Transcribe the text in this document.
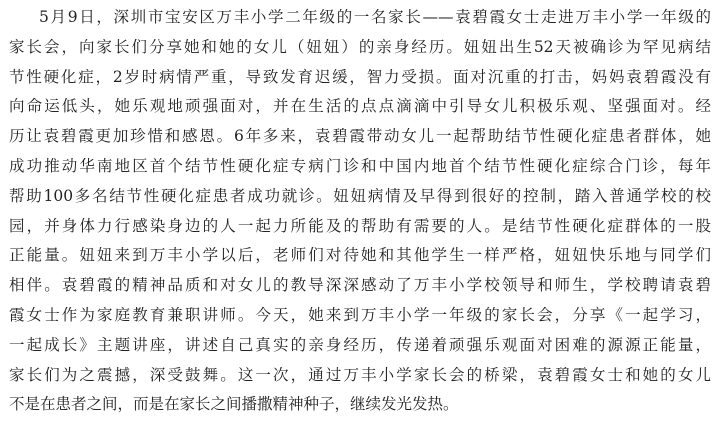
5月9日，深圳市宝安区万丰小学二年级的一名家长——袁碧霞女士走进万丰小学一年级的
家长会，向家长们分享她和她的女儿（妞妞）的亲身经历。妞妞出生52天被确诊为罕见病结
节性硬化症，2岁时病情严重，导致发育迟缓，智力受损。面对沉重的打击，妈妈袁碧霞没有
向命运低头，她乐观地顽强面对，并在生活的点点滴滴中引导女儿积极乐观、坚强面对。经
历让袁碧霞更加珍惜和感恩。6年多来，袁碧霞带动女儿一起帮助结节性硬化症患者群体，她
成功推动华南地区首个结节性硬化症专病门诊和中国内地首个结节性硬化症综合门诊，每年
帮助100多名结节性硬化症患者成功就诊。妞妞病情及早得到很好的控制，踏入普通学校的校
园，并身体力行感染身边的人一起力所能及的帮助有需要的人。是结节性硬化症群体的一股
正能量。妞妞来到万丰小学以后，老师们对待她和其他学生一样严格，妞妞快乐地与同学们
相伴。袁碧霞的精神品质和对女儿的教导深深感动了万丰小学校领导和师生，学校聘请袁碧
霞女士作为家庭教育兼职讲师。今天，她来到万丰小学一年级的家长会，分享《一起学习，
一起成长》主题讲座，讲述自己真实的亲身经历，传递着顽强乐观面对困难的源源正能量，
家长们为之震撼，深受鼓舞。这一次，通过万丰小学家长会的桥梁，袁碧霞女士和她的女儿
不是在患者之间，而是在家长之间播撒精神种子，继续发光发热。
